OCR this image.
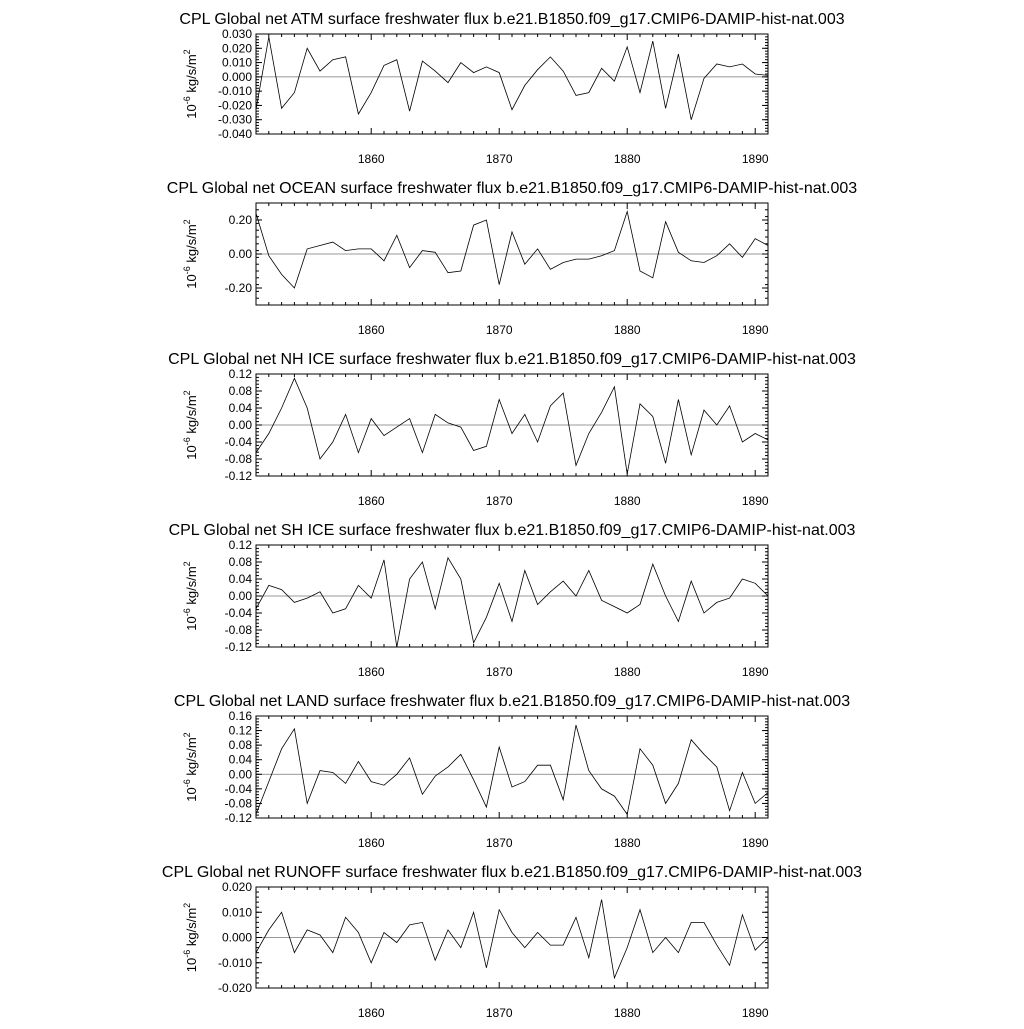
CPL Global net ATM surface freshwater flux b.e21.B1850.f09_g17.CMIP6-DAMIP-hist-nat.003
-0.040
-0.030
-0.020
-0.010
0.000
0.010
0.020
0.030
1860	1870	1880	1890
$10^{-6}$ $kg/s/m^2$
CPL Global net OCEAN surface freshwater flux b.e21.B1850.f09_g17.CMIP6-DAMIP-hist-nat.003
-0.20
0.00
0.20
1860	1870	1880	1890
$10^{-6}$ $kg/s/m^2$
CPL Global net NH ICE surface freshwater flux b.e21.B1850.f09_g17.CMIP6-DAMIP-hist-nat.003
-0.12
-0.08
-0.04
0.00
0.04
0.08
0.12
1860	1870	1880	1890
$10^{-6}$ $kg/s/m^2$
CPL Global net SH ICE surface freshwater flux b.e21.B1850.f09_g17.CMIP6-DAMIP-hist-nat.003
-0.12
-0.08
-0.04
0.00
0.04
0.08
0.12
1860	1870	1880	1890
$10^{-6}$ $kg/s/m^2$
CPL Global net LAND surface freshwater flux b.e21.B1850.f09_g17.CMIP6-DAMIP-hist-nat.003
-0.12
-0.08
-0.04
0.00
0.04
0.08
0.12
0.16
1860	1870	1880	1890
$10^{-6}$ $kg/s/m^2$
CPL Global net RUNOFF surface freshwater flux b.e21.B1850.f09_g17.CMIP6-DAMIP-hist-nat.003
-0.020
-0.010
0.000
0.010
0.020
1860	1870	1880	1890
$10^{-6}$ $kg/s/m^2$
